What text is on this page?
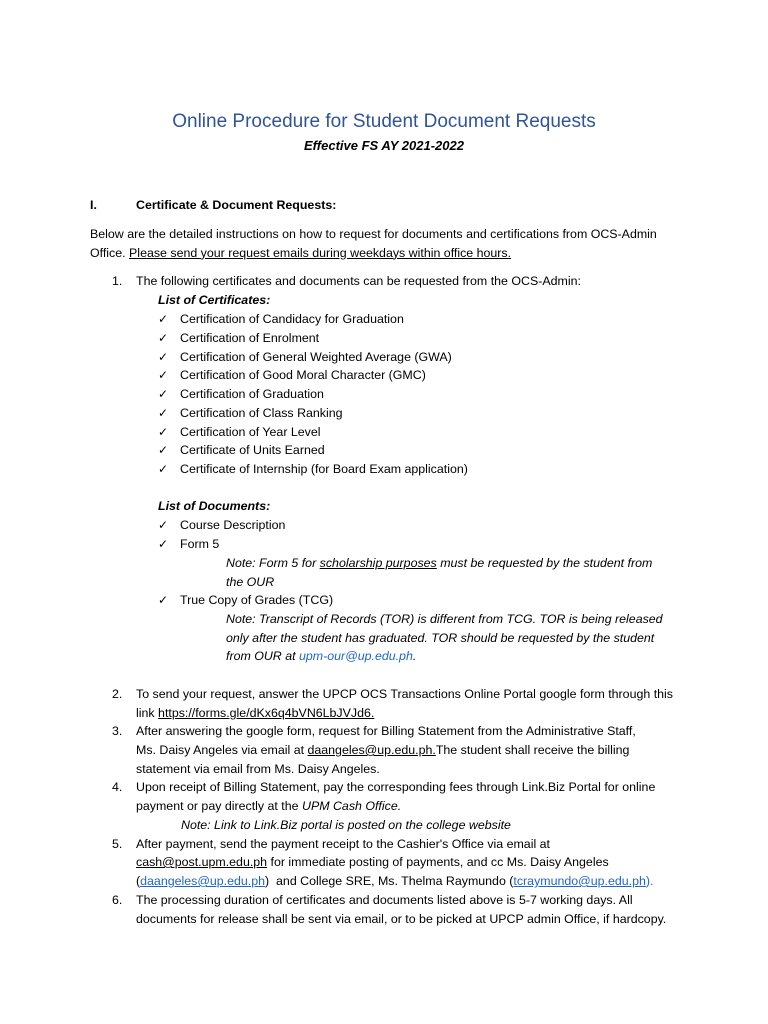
Online Procedure for Student Document Requests
Effective FS AY 2021-2022
I.	Certificate & Document Requests:
Below are the detailed instructions on how to request for documents and certifications from OCS-Admin Office. Please send your request emails during weekdays within office hours.
1. The following certificates and documents can be requested from the OCS-Admin:
List of Certificates:
✓ Certification of Candidacy for Graduation
✓ Certification of Enrolment
✓ Certification of General Weighted Average (GWA)
✓ Certification of Good Moral Character (GMC)
✓ Certification of Graduation
✓ Certification of Class Ranking
✓ Certification of Year Level
✓ Certificate of Units Earned
✓ Certificate of Internship (for Board Exam application)
List of Documents:
✓ Course Description
✓ Form 5
✓ True Copy of Grades (TCG)
Note: Form 5 for scholarship purposes must be requested by the student from
the OUR
Note: Transcript of Records (TOR) is different from TCG. TOR is being released
only after the student has graduated. TOR should be requested by the student
from OUR at upm-our@up.edu.ph.
2. To send your request, answer the UPCP OCS Transactions Online Portal google form through this
link https://forms.gle/dKx6q4bVN6LbJVJd6.
3. After answering the google form, request for Billing Statement from the Administrative Staff,
Ms. Daisy Angeles via email at daangeles@up.edu.ph.The student shall receive the billing
statement via email from Ms. Daisy Angeles.
4. Upon receipt of Billing Statement, pay the corresponding fees through Link.Biz Portal for online
payment or pay directly at the UPM Cash Office.
Note: Link to Link.Biz portal is posted on the college website
5. After payment, send the payment receipt to the Cashier's Office via email at
cash@post.upm.edu.ph for immediate posting of payments, and cc Ms. Daisy Angeles
(daangeles@up.edu.ph)  and College SRE, Ms. Thelma Raymundo (tcraymundo@up.edu.ph).
6. The processing duration of certificates and documents listed above is 5-7 working days. All
documents for release shall be sent via email, or to be picked at UPCP admin Office, if hardcopy.
